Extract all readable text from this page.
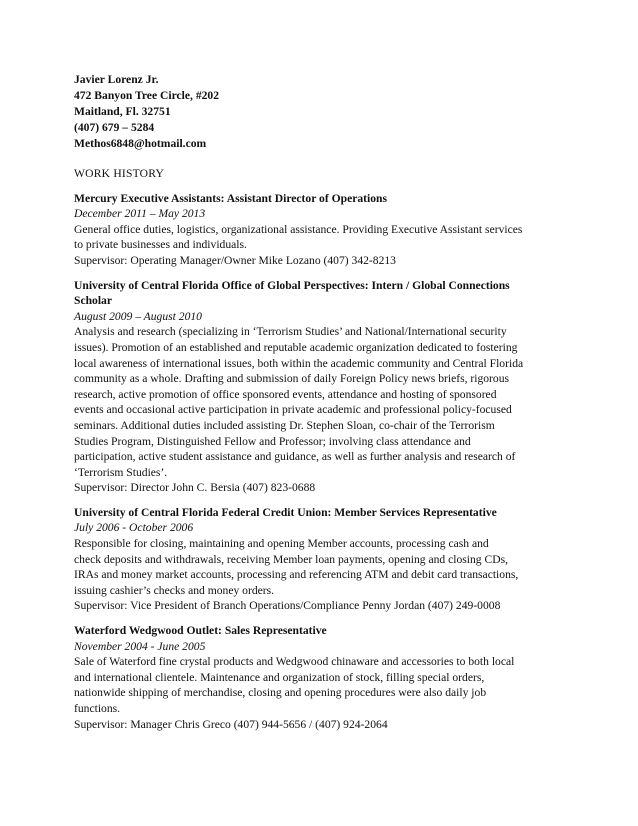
Javier Lorenz Jr.
472 Banyon Tree Circle, #202
Maitland, Fl. 32751
(407) 679 – 5284
Methos6848@hotmail.com
WORK HISTORY
Mercury Executive Assistants: Assistant Director of Operations
December 2011 – May 2013
General office duties, logistics, organizational assistance. Providing Executive Assistant services
to private businesses and individuals.
Supervisor: Operating Manager/Owner Mike Lozano (407) 342-8213
University of Central Florida Office of Global Perspectives: Intern / Global Connections
Scholar
August 2009 – August 2010
Analysis and research (specializing in ‘Terrorism Studies’ and National/International security
issues). Promotion of an established and reputable academic organization dedicated to fostering
local awareness of international issues, both within the academic community and Central Florida
community as a whole. Drafting and submission of daily Foreign Policy news briefs, rigorous
research, active promotion of office sponsored events, attendance and hosting of sponsored
events and occasional active participation in private academic and professional policy-focused
seminars. Additional duties included assisting Dr. Stephen Sloan, co-chair of the Terrorism
Studies Program, Distinguished Fellow and Professor; involving class attendance and
participation, active student assistance and guidance, as well as further analysis and research of
‘Terrorism Studies’.
Supervisor: Director John C. Bersia (407) 823-0688
University of Central Florida Federal Credit Union: Member Services Representative
July 2006 - October 2006
Responsible for closing, maintaining and opening Member accounts, processing cash and
check deposits and withdrawals, receiving Member loan payments, opening and closing CDs,
IRAs and money market accounts, processing and referencing ATM and debit card transactions,
issuing cashier’s checks and money orders.
Supervisor: Vice President of Branch Operations/Compliance Penny Jordan (407) 249-0008
Waterford Wedgwood Outlet: Sales Representative
November 2004 - June 2005
Sale of Waterford fine crystal products and Wedgwood chinaware and accessories to both local
and international clientele. Maintenance and organization of stock, filling special orders,
nationwide shipping of merchandise, closing and opening procedures were also daily job
functions.
Supervisor: Manager Chris Greco (407) 944-5656 / (407) 924-2064
